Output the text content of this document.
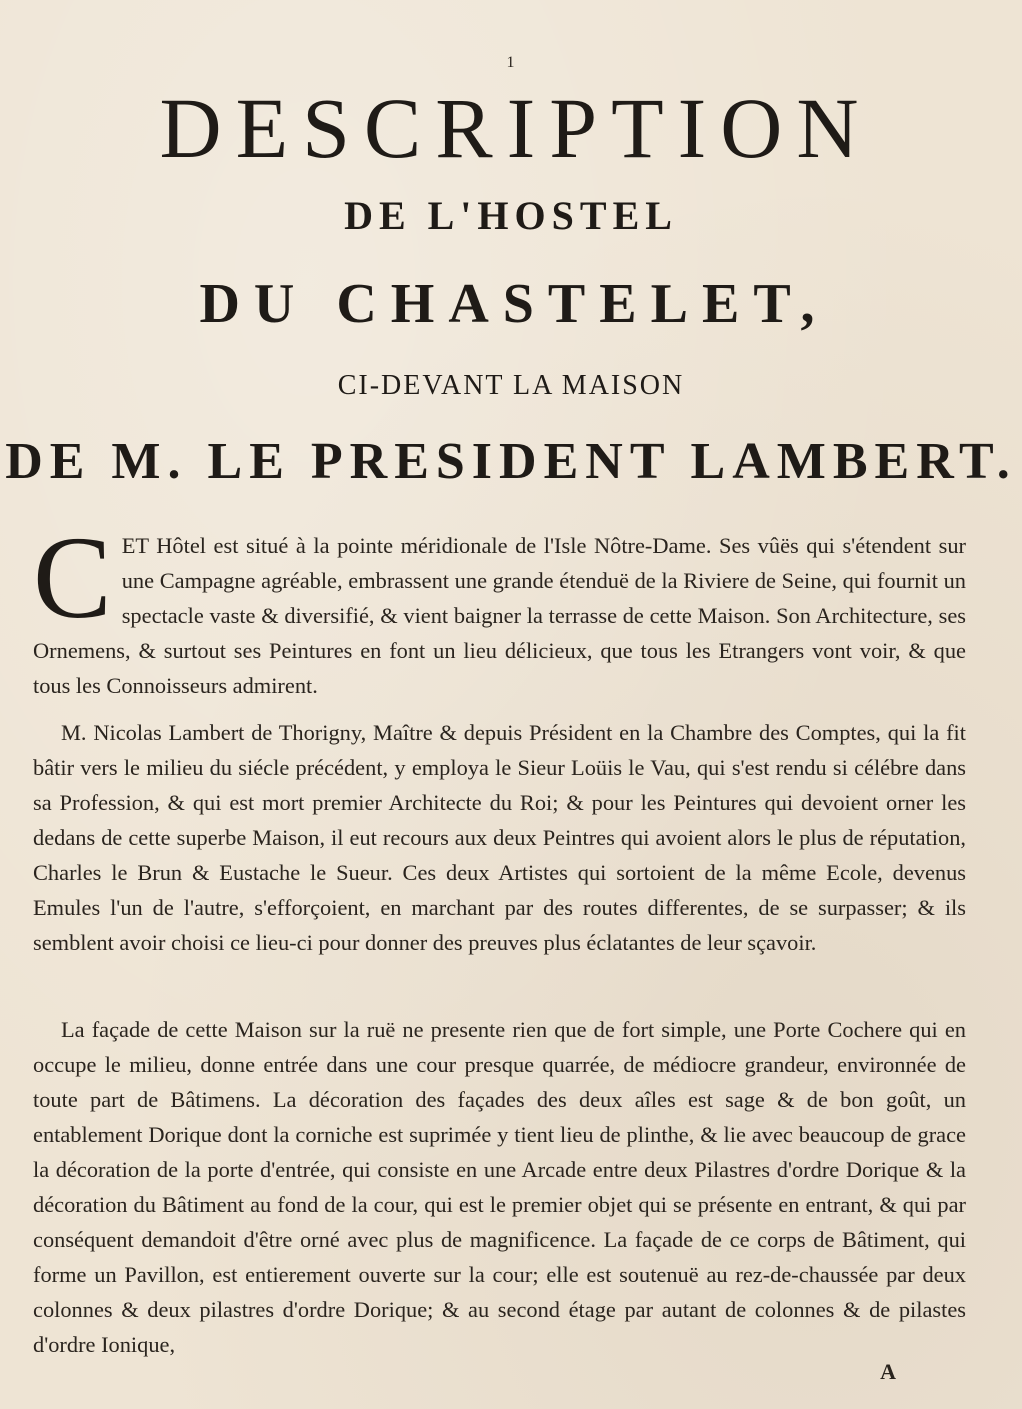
1
DESCRIPTION
DE L'HOSTEL
DU CHASTELET,
CI-DEVANT LA MAISON
DE M. LE PRESIDENT LAMBERT.

C ET Hôtel est situé à la pointe méridionale de l'Isle Nôtre-Dame. Ses vûës qui s'étendent sur une Campagne agréable, embrassent une grande étenduë de la Riviere de Seine, qui fournit un spectacle vaste & diversifié, & vient baigner la terrasse de cette Maison. Son Architecture, ses Ornemens, & surtout ses Peintures en font un lieu délicieux, que tous les Etrangers vont voir, & que tous les Connoisseurs admirent.

M. Nicolas Lambert de Thorigny, Maître & depuis Président en la Chambre des Comptes, qui la fit bâtir vers le milieu du siécle précédent, y employa le Sieur Loüis le Vau, qui s'est rendu si célébre dans sa Profession, & qui est mort premier Architecte du Roi; & pour les Peintures qui devoient orner les dedans de cette superbe Maison, il eut recours aux deux Peintres qui avoient alors le plus de réputation, Charles le Brun & Eustache le Sueur. Ces deux Artistes qui sortoient de la même Ecole, devenus Emules l'un de l'autre, s'efforçoient, en marchant par des routes differentes, de se surpasser; & ils semblent avoir choisi ce lieu-ci pour donner des preuves plus éclatantes de leur sçavoir.

La façade de cette Maison sur la ruë ne presente rien que de fort simple, une Porte Cochere qui en occupe le milieu, donne entrée dans une cour presque quarrée, de médiocre grandeur, environnée de toute part de Bâtimens. La décoration des façades des deux aîles est sage & de bon goût, un entablement Dorique dont la corniche est suprimée y tient lieu de plinthe, & lie avec beaucoup de grace la décoration de la porte d'entrée, qui consiste en une Arcade entre deux Pilastres d'ordre Dorique & la décoration du Bâtiment au fond de la cour, qui est le premier objet qui se présente en entrant, & qui par conséquent demandoit d'être orné avec plus de magnificence. La façade de ce corps de Bâtiment, qui forme un Pavillon, est entierement ouverte sur la cour; elle est soutenuë au rez-de-chaussée par deux colonnes & deux pilastres d'ordre Dorique; & au second étage par autant de colonnes & de pilastes d'ordre Ionique,

A
